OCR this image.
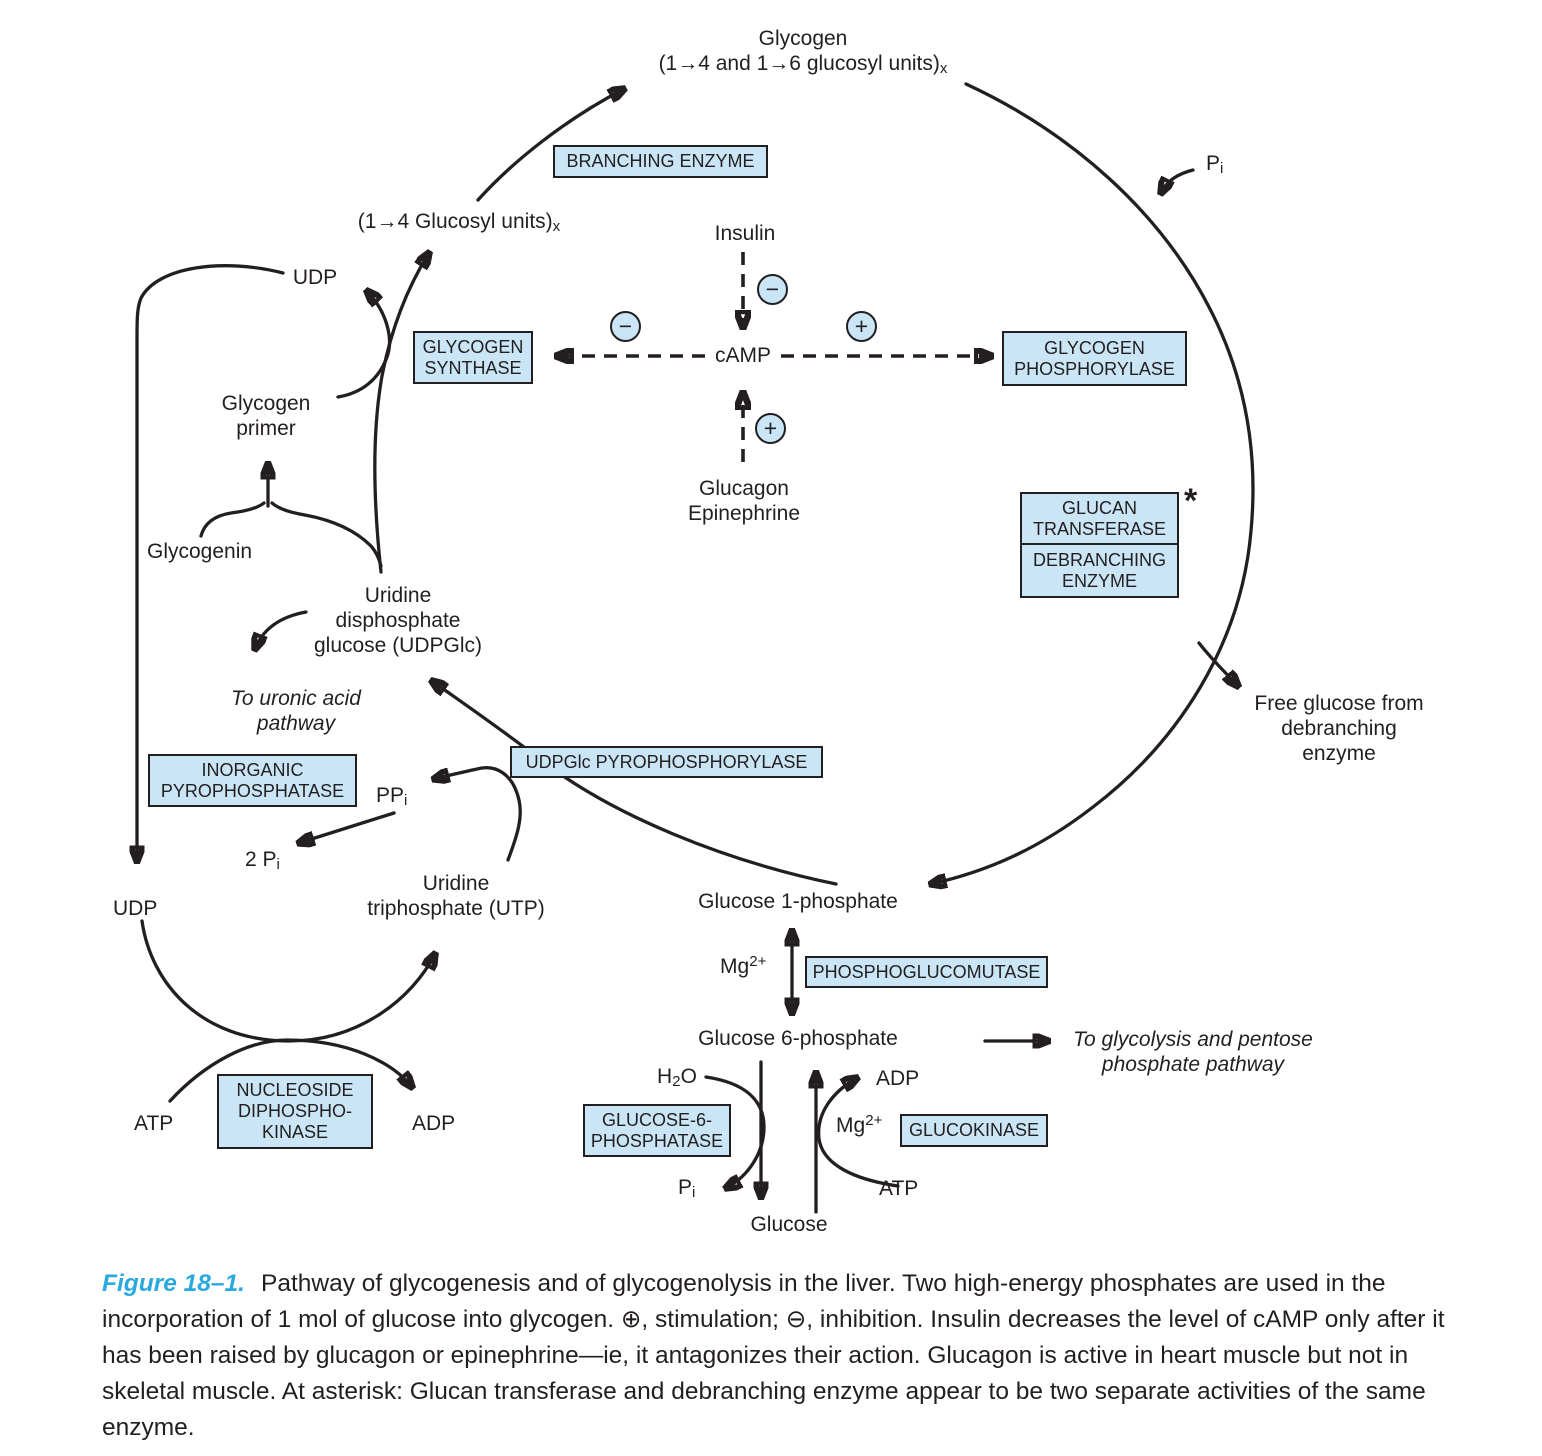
Glycogen
(1→4 and 1→6 glucosyl $units)_x$
(1→4 Glucosyl $units)_x$	Insulin
cAMP
Glucagon
Epinephrine
UDP
Glycogen
primer
Glycogenin
Uridine
disphosphate
glucose (UDPGlc)
To uronic acid
pathway
$PP_i$
2 $P_i$
UDP
Uridine
triphosphate (UTP)	Glucose 1-phosphate
$Mg^{2+}$
Glucose 6-phosphate	To glycolysis and pentose
phosphate pathway
$H_2O$	ADP
$Mg^{2+}$
ATP
$P_i$
Glucose
ATP	ADP
$P_i$
Free glucose from
debranching
enzyme
*
BRANCHING ENZYME
GLYCOGEN
SYNTHASE
GLYCOGEN
PHOSPHORYLASE
GLUCAN
TRANSFERASE
DEBRANCHING
ENZYME
UDPGlc PYROPHOSPHORYLASE
INORGANIC
PYROPHOSPHATASE
PHOSPHOGLUCOMUTASE
GLUCOSE-6-
PHOSPHATASE
GLUCOKINASE
NUCLEOSIDE
DIPHOSPHO-
KINASE
−
−	+
+
Figure 18–1. Pathway of glycogenesis and of glycogenolysis in the liver. Two high-energy phosphates are used in the incorporation of 1 mol of glucose into glycogen. ⊕, stimulation; ⊖, inhibition. Insulin decreases the level of cAMP only after it has been raised by glucagon or epinephrine—ie, it antagonizes their action. Glucagon is active in heart muscle but not in skeletal muscle. At asterisk: Glucan transferase and debranching enzyme appear to be two separate activities of the same enzyme.
